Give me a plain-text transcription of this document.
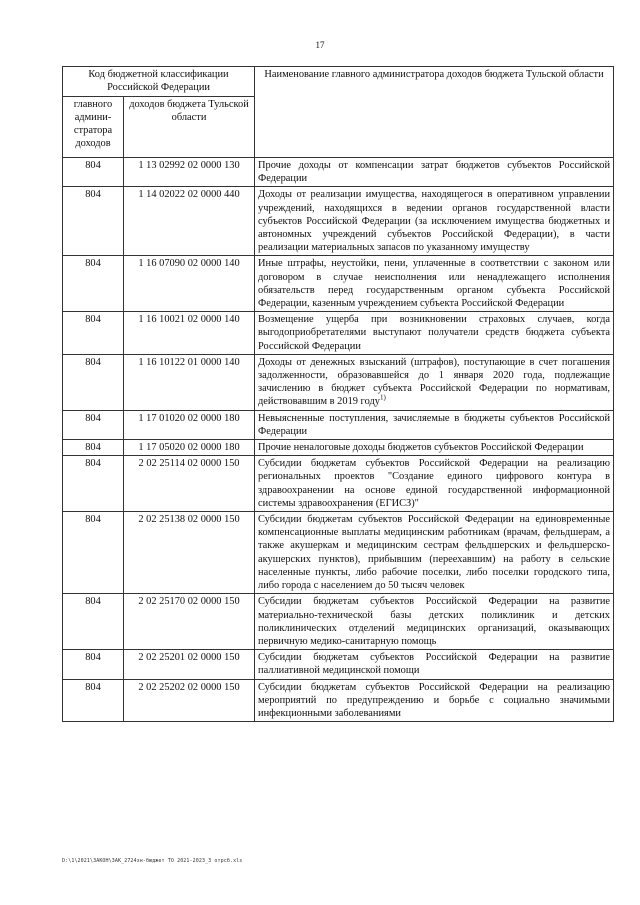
17
Код бюджетной классификации Российской Федерации		Наименование главного администратора доходов бюджета Тульской области
главного админи-стратора доходов	доходов бюджета Тульской области	
804	1 13 02992 02 0000 130	Прочие доходы от компенсации затрат бюджетов субъектов Российской Федерации
804	1 14 02022 02 0000 440	Доходы от реализации имущества, находящегося в оперативном управлении учреждений, находящихся в ведении органов государственной власти субъектов Российской Федерации (за исключением имущества бюджетных и автономных учреждений субъектов Российской Федерации), в части реализации материальных запасов по указанному имуществу
804	1 16 07090 02 0000 140	Иные штрафы, неустойки, пени, уплаченные в соответствии с законом или договором в случае неисполнения или ненадлежащего исполнения обязательств перед государственным органом субъекта Российской Федерации, казенным учреждением субъекта Российской Федерации
804	1 16 10021 02 0000 140	Возмещение ущерба при возникновении страховых случаев, когда выгодоприобретателями выступают получатели средств бюджета субъекта Российской Федерации
804	1 16 10122 01 0000 140	Доходы от денежных взысканий (штрафов), поступающие в счет погашения задолженности, образовавшейся до 1 января 2020 года, подлежащие зачислению в бюджет субъекта Российской Федерации по нормативам, действовавшим в 2019 году$^{1)}$
804	1 17 01020 02 0000 180	Невыясненные поступления, зачисляемые в бюджеты субъектов Российской Федерации
804	1 17 05020 02 0000 180	Прочие неналоговые доходы бюджетов субъектов Российской Федерации
804	2 02 25114 02 0000 150	Субсидии бюджетам субъектов Российской Федерации на реализацию региональных проектов "Создание единого цифрового контура в здравоохранении на основе единой государственной информационной системы здравоохранения (ЕГИСЗ)"
804	2 02 25138 02 0000 150	Субсидии бюджетам субъектов Российской Федерации на единовременные компенсационные выплаты медицинским работникам (врачам, фельдшерам, а также акушеркам и медицинским сестрам фельдшерских и фельдшерско-акушерских пунктов), прибывшим (переехавшим) на работу в сельские населенные пункты, либо рабочие поселки, либо поселки городского типа, либо города с населением до 50 тысяч человек
804	2 02 25170 02 0000 150	Субсидии бюджетам субъектов Российской Федерации на развитие материально-технической базы детских поликлиник и детских поликлинических отделений медицинских организаций, оказывающих первичную медико-санитарную помощь
804	2 02 25201 02 0000 150	Субсидии бюджетам субъектов Российской Федерации на развитие паллиативной медицинской помощи
804	2 02 25202 02 0000 150	Субсидии бюджетам субъектов Российской Федерации на реализацию мероприятий по предупреждению и борьбе с социально значимыми инфекционными заболеваниями
D:\1\2021\ЗАКОН\ЗАК_2724зн-бюджет ТО 2021-2023_3 отрсб.xls
